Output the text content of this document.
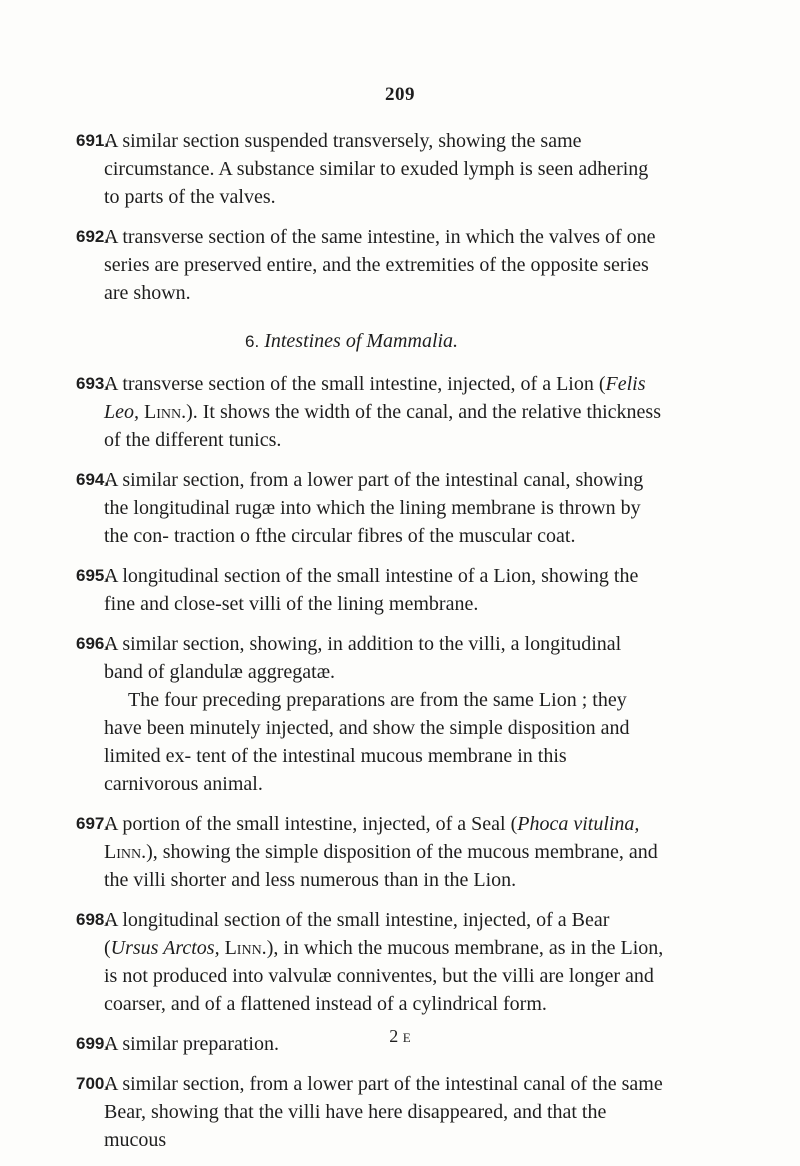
209
691.
A similar section suspended transversely, showing the same circumstance. A substance similar to exuded lymph is seen adhering to parts of the valves.
692.
A transverse section of the same intestine, in which the valves of one series are preserved entire, and the extremities of the opposite series are shown.
6. Intestines of Mammalia.
693.
A transverse section of the small intestine, injected, of a Lion (Felis Leo, Linn.). It shows the width of the canal, and the relative thickness of the different tunics.
694.
A similar section, from a lower part of the intestinal canal, showing the longitudinal rugæ into which the lining membrane is thrown by the con- traction o fthe circular fibres of the muscular coat.
695.
A longitudinal section of the small intestine of a Lion, showing the fine and close-set villi of the lining membrane.
696.
A similar section, showing, in addition to the villi, a longitudinal band of glandulæ aggregatæ.
The four preceding preparations are from the same Lion ; they have been minutely injected, and show the simple disposition and limited ex- tent of the intestinal mucous membrane in this carnivorous animal.
697.
A portion of the small intestine, injected, of a Seal (Phoca vitulina, Linn.), showing the simple disposition of the mucous membrane, and the villi shorter and less numerous than in the Lion.
698.
A longitudinal section of the small intestine, injected, of a Bear (Ursus Arctos, Linn.), in which the mucous membrane, as in the Lion, is not produced into valvulæ conniventes, but the villi are longer and coarser, and of a flattened instead of a cylindrical form.
699.
A similar preparation.
700.
A similar section, from a lower part of the intestinal canal of the same Bear, showing that the villi have here disappeared, and that the mucous
2 E
